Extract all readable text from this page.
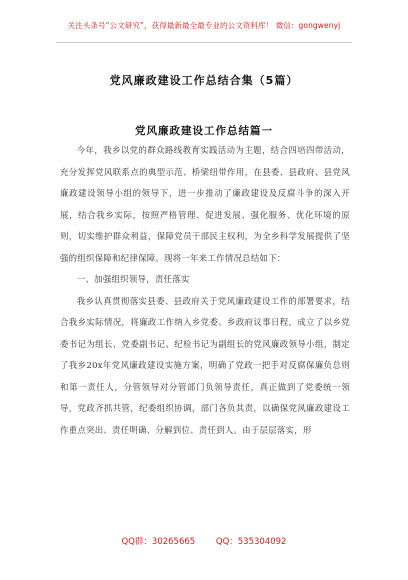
关注头条号“公文研究”，获得最新最全最专业的公文资料库！ 微信：gongwenyj
党风廉政建设工作总结合集（5篇）
党风廉政建设工作总结篇一

今年，我乡以党的群众路线教育实践活动为主题，结合四培四带活动，充分发挥党风联系点的典型示范、桥梁纽带作用，在县委、县政府、县党风廉政建设领导小组的领导下，进一步推动了廉政建设及反腐斗争的深入开展，结合我乡实际，按照严格管理、促进发展、强化服务、优化环境的原则，切实维护群众利益，保障党员干部民主权利，为全乡科学发展提供了坚强的组织保障和纪律保障。现将一年来工作情况总结如下：

一、加强组织领导，责任落实

我乡认真贯彻落实县委、县政府关于党风廉政建设工作的部署要求，结合我乡实际情况，将廉政工作纳入乡党委、乡政府议事日程，成立了以乡党委书记为组长、党委副书记、纪检书记为副组长的党风廉政领导小组，制定了我乡20x年党风廉政建设实施方案，明确了党政一把手对反腐保廉负总则和第一责任人，分管领导对分管部门负领导责任，真正做到了党委统一领导，党政齐抓共管，纪委组织协调，部门各负其责，以确保党风廉政建设工作重点突出、责任明确、分解到位、责任到人。由于层层落实，形

QQ群：30265665 QQ：535304092
